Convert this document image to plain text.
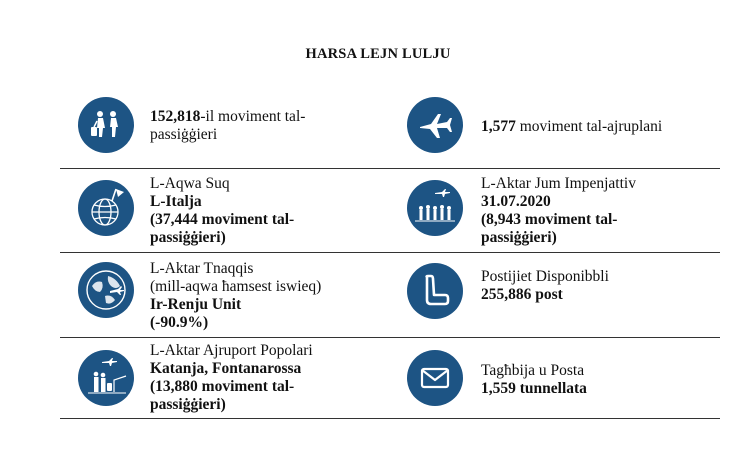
HARSA LEJN LULJU
152,818-il moviment tal-
passiġġieri	1,577 moviment tal-ajruplani
L-Aqwa Suq
L-Italja
(37,444 moviment tal-
passiġġieri)
L-Aktar Jum Impenjattiv
31.07.2020
(8,943 moviment tal-
passiġġieri)
L-Aktar Tnaqqis
(mill-aqwa ħamsest iswieq)
Ir-Renju Unit
(-90.9%)
Postijiet Disponibbli
255,886 post
L-Aktar Ajruport Popolari
Katanja, Fontanarossa
(13,880 moviment tal-
passiġġieri)
Tagħbija u Posta
1,559 tunnellata
